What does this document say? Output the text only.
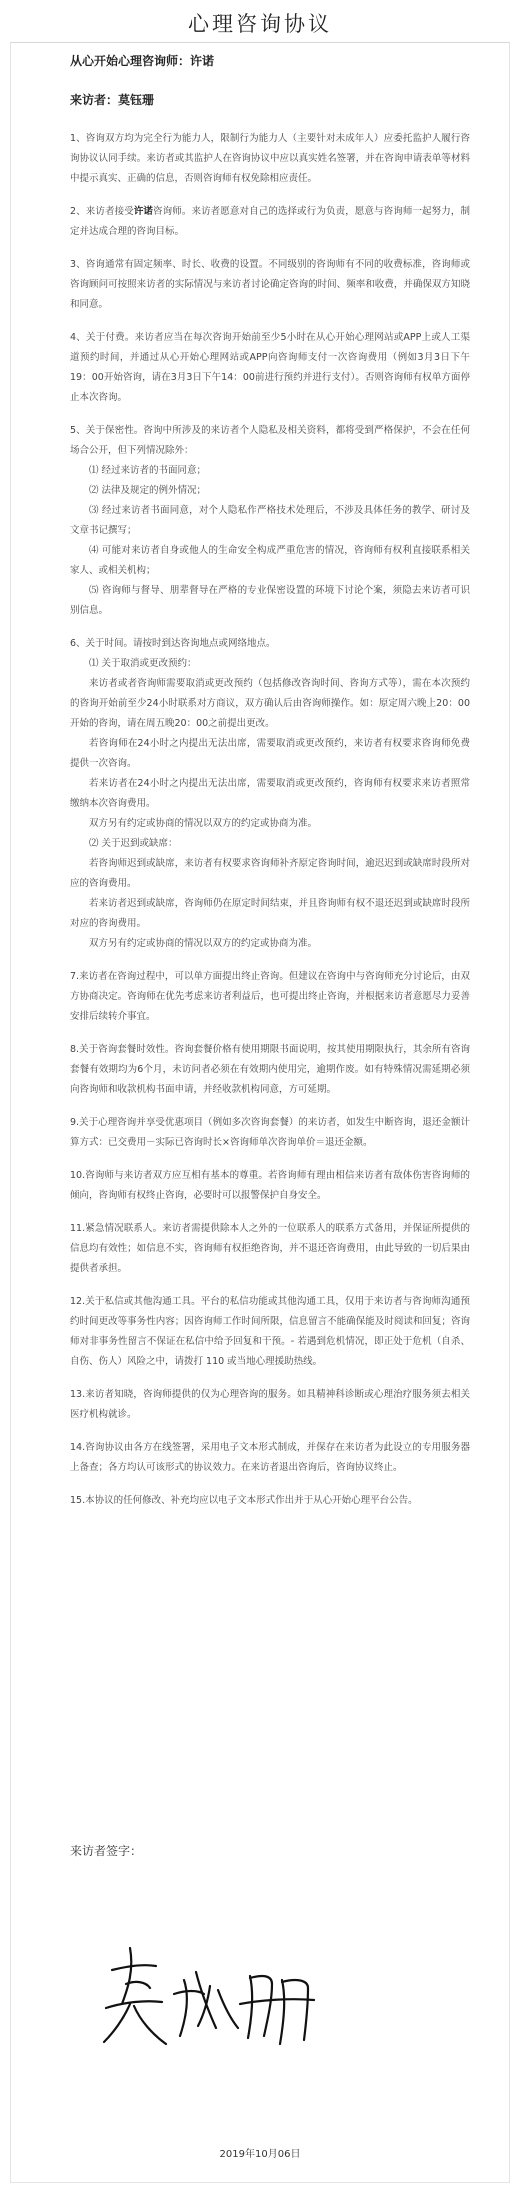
心理咨询协议

从心开始心理咨询师：许诺

来访者：莫钰珊

1、咨询双方均为完全行为能力人，限制行为能力人（主要针对未成年人）应委托监护人履行咨询协议认同手续。来访者或其监护人在咨询协议中应以真实姓名签署，并在咨询申请表单等材料中提示真实、正确的信息，否则咨询师有权免除相应责任。

2、来访者接受许诺咨询师。来访者愿意对自己的选择或行为负责，愿意与咨询师一起努力，制定并达成合理的咨询目标。

3、咨询通常有固定频率、时长、收费的设置。不同级别的咨询师有不同的收费标准，咨询师或咨询顾问可按照来访者的实际情况与来访者讨论确定咨询的时间、频率和收费，并确保双方知晓和同意。

4、关于付费。来访者应当在每次咨询开始前至少5小时在从心开始心理网站或APP上或人工渠道预约时间，并通过从心开始心理网站或APP向咨询师支付一次咨询费用（例如3月3日下午19：00开始咨询，请在3月3日下午14：00前进行预约并进行支付）。否则咨询师有权单方面停止本次咨询。

5、关于保密性。咨询中所涉及的来访者个人隐私及相关资料，都将受到严格保护，不会在任何场合公开，但下列情况除外：

⑴ 经过来访者的书面同意；

⑵ 法律及规定的例外情况；

⑶ 经过来访者书面同意，对个人隐私作严格技术处理后，不涉及具体任务的教学、研讨及文章书记撰写；

⑷ 可能对来访者自身或他人的生命安全构成严重危害的情况，咨询师有权利直接联系相关家人、或相关机构；

⑸ 咨询师与督导、朋辈督导在严格的专业保密设置的环境下讨论个案，须隐去来访者可识别信息。

6、关于时间。请按时到达咨询地点或网络地点。

⑴ 关于取消或更改预约：

来访者或者咨询师需要取消或更改预约（包括修改咨询时间、咨询方式等），需在本次预约的咨询开始前至少24小时联系对方商议，双方确认后由咨询师操作。如：原定周六晚上20：00开始的咨询，请在周五晚20：00之前提出更改。

若咨询师在24小时之内提出无法出席，需要取消或更改预约，来访者有权要求咨询师免费提供一次咨询。

若来访者在24小时之内提出无法出席，需要取消或更改预约，咨询师有权要求来访者照常缴纳本次咨询费用。

双方另有约定或协商的情况以双方的约定或协商为准。

⑵ 关于迟到或缺席：

若咨询师迟到或缺席，来访者有权要求咨询师补齐原定咨询时间，逾迟迟到或缺席时段所对应的咨询费用。

若来访者迟到或缺席，咨询师仍在原定时间结束，并且咨询师有权不退还迟到或缺席时段所对应的咨询费用。

双方另有约定或协商的情况以双方的约定或协商为准。

7.来访者在咨询过程中，可以单方面提出终止咨询。但建议在咨询中与咨询师充分讨论后，由双方协商决定。咨询师在优先考虑来访者利益后，也可提出终止咨询，并根据来访者意愿尽力妥善安排后续转介事宜。

8.关于咨询套餐时效性。咨询套餐价格有使用期限书面说明，按其使用期限执行，其余所有咨询套餐有效期均为6个月，未访问者必须在有效期内使用完，逾期作废。如有特殊情况需延期必须向咨询师和收款机构书面申请，并经收款机构同意，方可延期。

9.关于心理咨询并享受优惠项目（例如多次咨询套餐）的来访者，如发生中断咨询，退还金额计算方式：已交费用－实际已咨询时长×咨询师单次咨询单价＝退还金额。

10.咨询师与来访者双方应互相有基本的尊重。若咨询师有理由相信来访者有敌体伤害咨询师的倾向，咨询师有权终止咨询，必要时可以报警保护自身安全。

11.紧急情况联系人。来访者需提供除本人之外的一位联系人的联系方式备用，并保证所提供的信息均有效性；如信息不实，咨询师有权拒绝咨询，并不退还咨询费用，由此导致的一切后果由提供者承担。

12.关于私信或其他沟通工具。平台的私信功能或其他沟通工具，仅用于来访者与咨询师沟通预约时间更改等事务性内容；因咨询师工作时间所限，信息留言不能确保能及时阅读和回复；咨询师对非事务性留言不保证在私信中给予回复和干预。- 若遇到危机情况，即正处于危机（自杀、自伤、伤人）风险之中，请拨打 110 或当地心理援助热线。

13.来访者知晓，咨询师提供的仅为心理咨询的服务。如具精神科诊断或心理治疗服务须去相关医疗机构就诊。

14.咨询协议由各方在线签署，采用电子文本形式制成，并保存在来访者为此设立的专用服务器上备查；各方均认可该形式的协议效力。在来访者退出咨询后，咨询协议终止。

15.本协议的任何修改、补充均应以电子文本形式作出并于从心开始心理平台公告。

来访者签字：
2019年10月06日
